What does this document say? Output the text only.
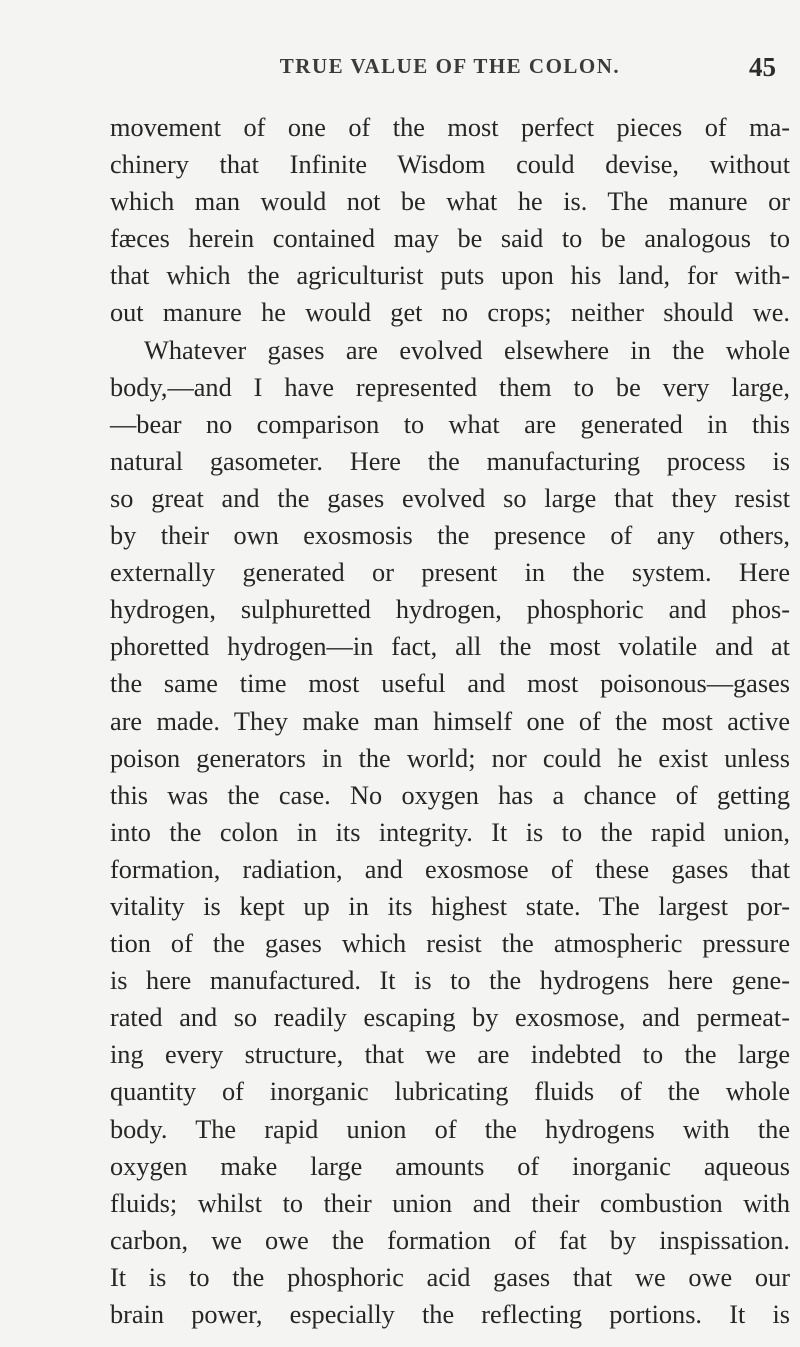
TRUE VALUE OF THE COLON.	45
movement of one of the most perfect pieces of ma-
chinery that Infinite Wisdom could devise, without
which man would not be what he is. The manure or
fæces herein contained may be said to be analogous to
that which the agriculturist puts upon his land, for with-
out manure he would get no crops; neither should we.
Whatever gases are evolved elsewhere in the whole
body,—and I have represented them to be very large,
—bear no comparison to what are generated in this
natural gasometer. Here the manufacturing process is
so great and the gases evolved so large that they resist
by their own exosmosis the presence of any others,
externally generated or present in the system. Here
hydrogen, sulphuretted hydrogen, phosphoric and phos-
phoretted hydrogen—in fact, all the most volatile and at
the same time most useful and most poisonous—gases
are made. They make man himself one of the most active
poison generators in the world; nor could he exist unless
this was the case. No oxygen has a chance of getting
into the colon in its integrity. It is to the rapid union,
formation, radiation, and exosmose of these gases that
vitality is kept up in its highest state. The largest por-
tion of the gases which resist the atmospheric pressure
is here manufactured. It is to the hydrogens here gene-
rated and so readily escaping by exosmose, and permeat-
ing every structure, that we are indebted to the large
quantity of inorganic lubricating fluids of the whole
body. The rapid union of the hydrogens with the
oxygen make large amounts of inorganic aqueous
fluids; whilst to their union and their combustion with
carbon, we owe the formation of fat by inspissation.
It is to the phosphoric acid gases that we owe our
brain power, especially the reflecting portions. It is
